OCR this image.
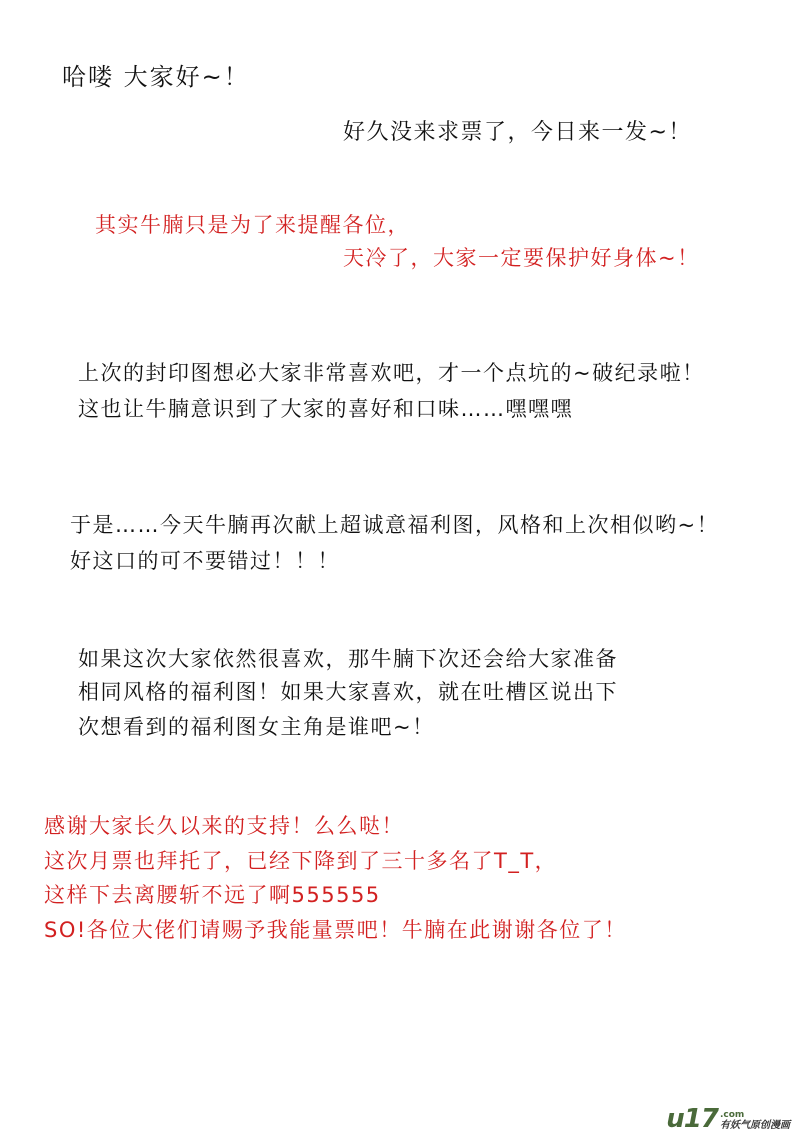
哈喽 大家好~！
好久没来求票了，今日来一发~！
其实牛腩只是为了来提醒各位，
天冷了，大家一定要保护好身体~！
上次的封印图想必大家非常喜欢吧，才一个点坑的~破纪录啦！
这也让牛腩意识到了大家的喜好和口味……嘿嘿嘿
于是……今天牛腩再次献上超诚意福利图，风格和上次相似哟~！
好这口的可不要错过！！！
如果这次大家依然很喜欢，那牛腩下次还会给大家准备
相同风格的福利图！如果大家喜欢，就在吐槽区说出下
次想看到的福利图女主角是谁吧~！
感谢大家长久以来的支持！么么哒！
这次月票也拜托了，已经下降到了三十多名了T_T，
这样下去离腰斩不远了啊555555
SO!各位大佬们请赐予我能量票吧！牛腩在此谢谢各位了！
u17 .com
有妖气原创漫画
